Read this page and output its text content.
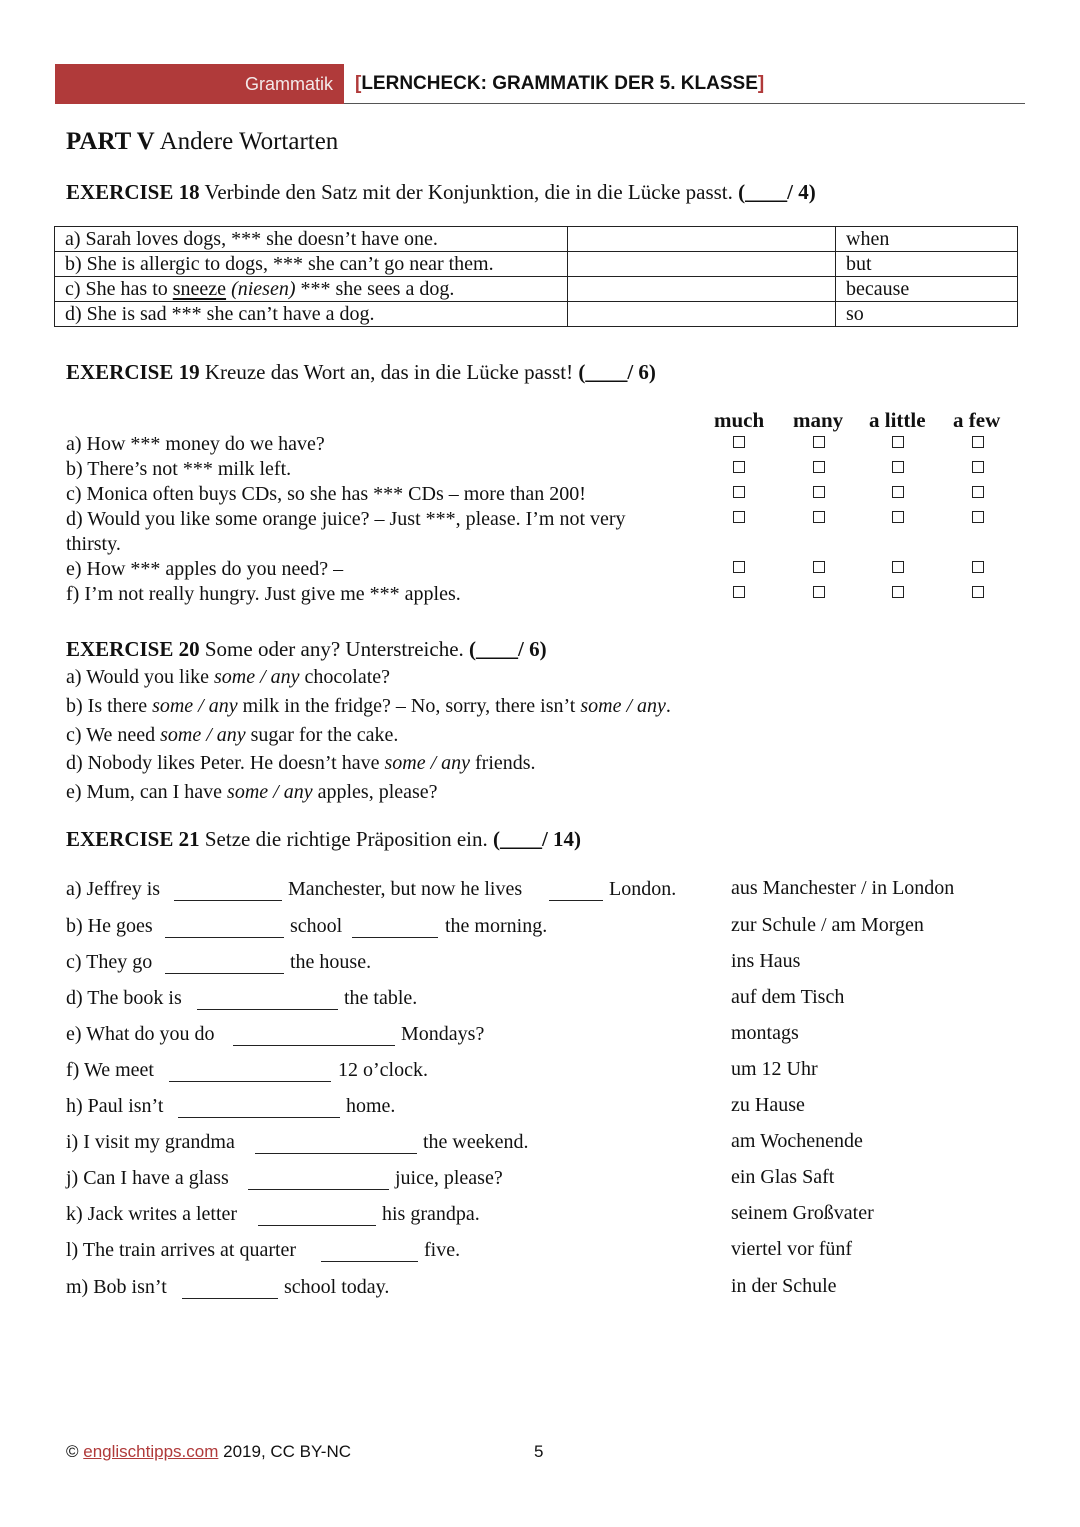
Grammatik [LERNCHECK: GRAMMATIK DER 5. KLASSE]
PART V Andere Wortarten
EXERCISE 18 Verbinde den Satz mit der Konjunktion, die in die Lücke passt. (____/ 4)
a) Sarah loves dogs, *** she doesn’t have one.		when
b) She is allergic to dogs, *** she can’t go near them.		but
c) She has to sneeze (niesen) *** she sees a dog.		because
d) She is sad *** she can’t have a dog.		so
EXERCISE 19 Kreuze das Wort an, das in die Lücke passt! (____/ 6)
much many a little a few
a) How *** money do we have?
b) There’s not *** milk left.
c) Monica often buys CDs, so she has *** CDs – more than 200!
d) Would you like some orange juice? – Just ***, please. I’m not very
thirsty.
e) How *** apples do you need? –
f) I’m not really hungry. Just give me *** apples.
EXERCISE 20 Some oder any? Unterstreiche. (____/ 6)
a) Would you like some / any chocolate?
b) Is there some / any milk in the fridge? – No, sorry, there isn’t some / any.
c) We need some / any sugar for the cake.
d) Nobody likes Peter. He doesn’t have some / any friends.
e) Mum, can I have some / any apples, please?
EXERCISE 21 Setze die richtige Präposition ein. (____/ 14)
a) Jeffrey is	Manchester, but now he lives	London.	aus Manchester / in London
b) He goes	school	the morning.	zur Schule / am Morgen
c) They go	the house.	ins Haus
d) The book is	the table.	auf dem Tisch
e) What do you do	Mondays?	montags
f) We meet	12 o’clock.	um 12 Uhr
h) Paul isn’t	home.	zu Hause
i) I visit my grandma	the weekend.	am Wochenende
j) Can I have a glass	juice, please?	ein Glas Saft
k) Jack writes a letter	his grandpa.	seinem Großvater
l) The train arrives at quarter	five.	viertel vor fünf
m) Bob isn’t	school today.	in der Schule
© englischtipps.com 2019, CC BY-NC	5
